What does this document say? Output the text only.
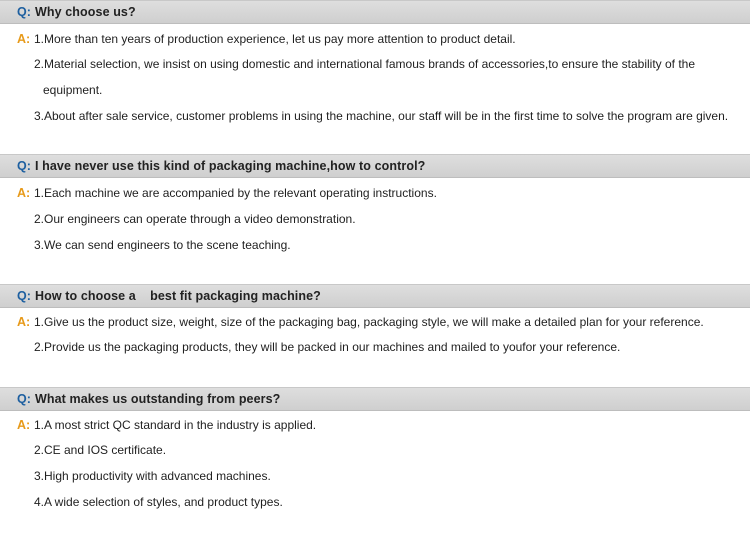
Q: Why choose us?
A: 1.More than ten years of production experience, let us pay more attention to product detail.
2.Material selection, we insist on using domestic and international famous brands of accessories,to ensure the stability of the
equipment.
3.About after sale service, customer problems in using the machine, our staff will be in the first time to solve the program are given.
Q: I have never use this kind of packaging machine,how to control?
A: 1.Each machine we are accompanied by the relevant operating instructions.
2.Our engineers can operate through a video demonstration.
3.We can send engineers to the scene teaching.
Q: How to choose a    best fit packaging machine?
A: 1.Give us the product size, weight, size of the packaging bag, packaging style, we will make a detailed plan for your reference.
2.Provide us the packaging products, they will be packed in our machines and mailed to youfor your reference.
Q: What makes us outstanding from peers?
A: 1.A most strict QC standard in the industry is applied.
2.CE and IOS certificate.
3.High productivity with advanced machines.
4.A wide selection of styles, and product types.
